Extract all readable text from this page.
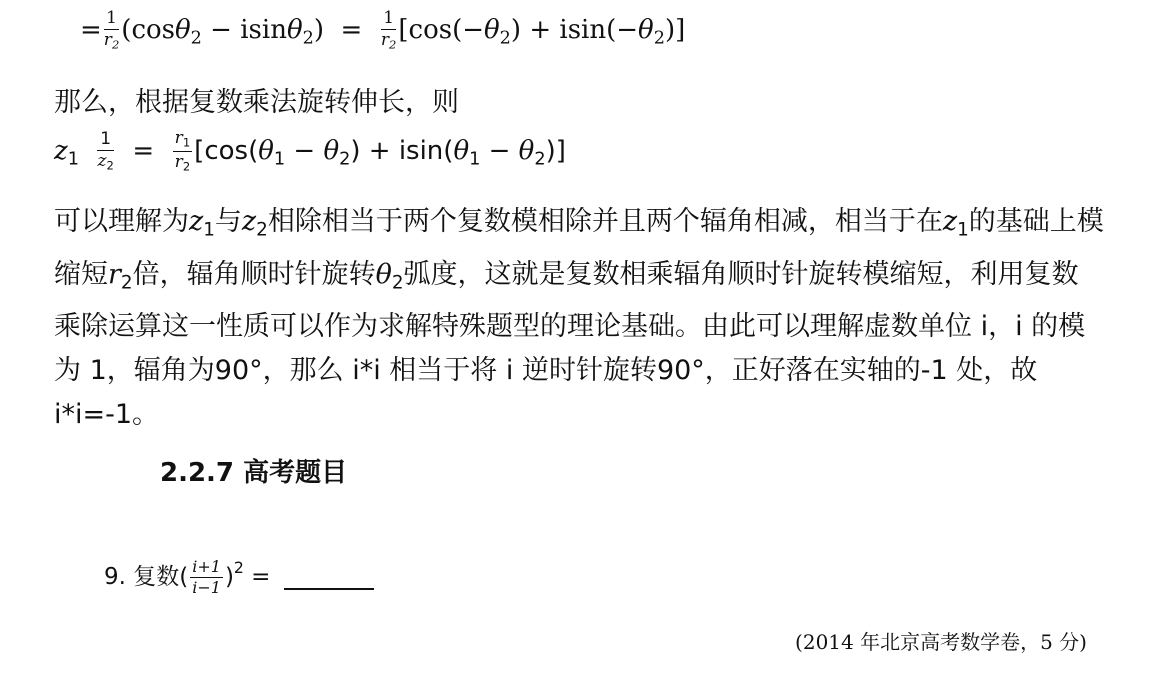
= $\frac{1}{r_2} (\cos\theta_2 - isin\theta_2) = \frac{1}{r_2} [\cos(-\theta_2) + isin(-\theta_2)]$
那么，根据复数乘法旋转伸长，则
$z_1 \frac{1}{z_2} = \frac{r_1}{r_2} [\cos(\theta_1 - \theta_2) + isin(\theta_1 - \theta_2)]$

可以理解为$z_1$与$z_2$相除相当于两个复数模相除并且两个辐角相减，相当于在$z_1$的基础上模缩短$r_2$倍，辐角顺时针旋转$\theta_2$弧度，这就是复数相乘辐角顺时针旋转模缩短，利用复数乘除运算这一性质可以作为求解特殊题型的理论基础。由此可以理解虚数单位 i，i 的模为 1，辐角为90°，那么 i*i 相当于将 i 逆时针旋转90°，正好落在实轴的-1 处，故 i*i=-1。

2.2.7 高考题目
9. 复数( $\frac{i+1}{i-1} )^2$ =
(2014 年北京高考数学卷，5 分)
